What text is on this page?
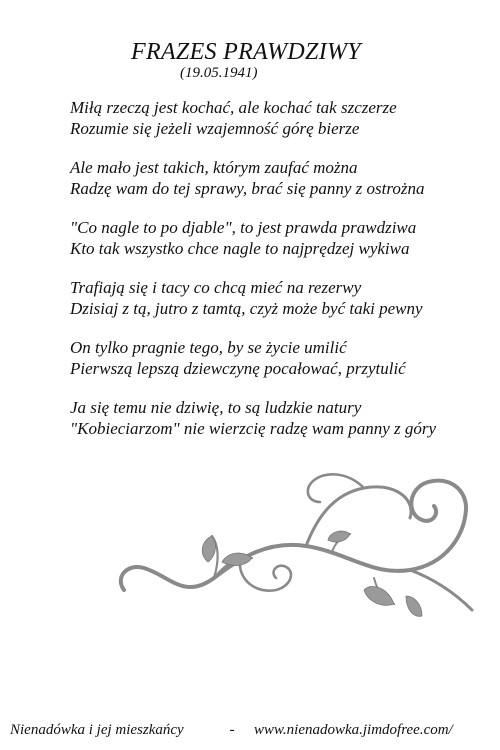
FRAZES PRAWDZIWY
(19.05.1941)
Miłą rzeczą jest kochać, ale kochać tak szczerze
Rozumie się jeżeli wzajemność górę bierze
Ale mało jest takich, którym zaufać można
Radzę wam do tej sprawy, brać się panny z ostrożna
"Co nagle to po djable", to jest prawda prawdziwa
Kto tak wszystko chce nagle to najprędzej wykiwa
Trafiają się i tacy co chcą mieć na rezerwy
Dzisiaj z tą, jutro z tamtą, czyż może być taki pewny
On tylko pragnie tego, by se życie umilić
Pierwszą lepszą dziewczynę pocałować, przytulić
Ja się temu nie dziwię, to są ludzkie natury
"Kobieciarzom" nie wierzcię radzę wam panny z góry
Nienadówka i jej mieszkańcy	-	www.nienadowka.jimdofree.com/
